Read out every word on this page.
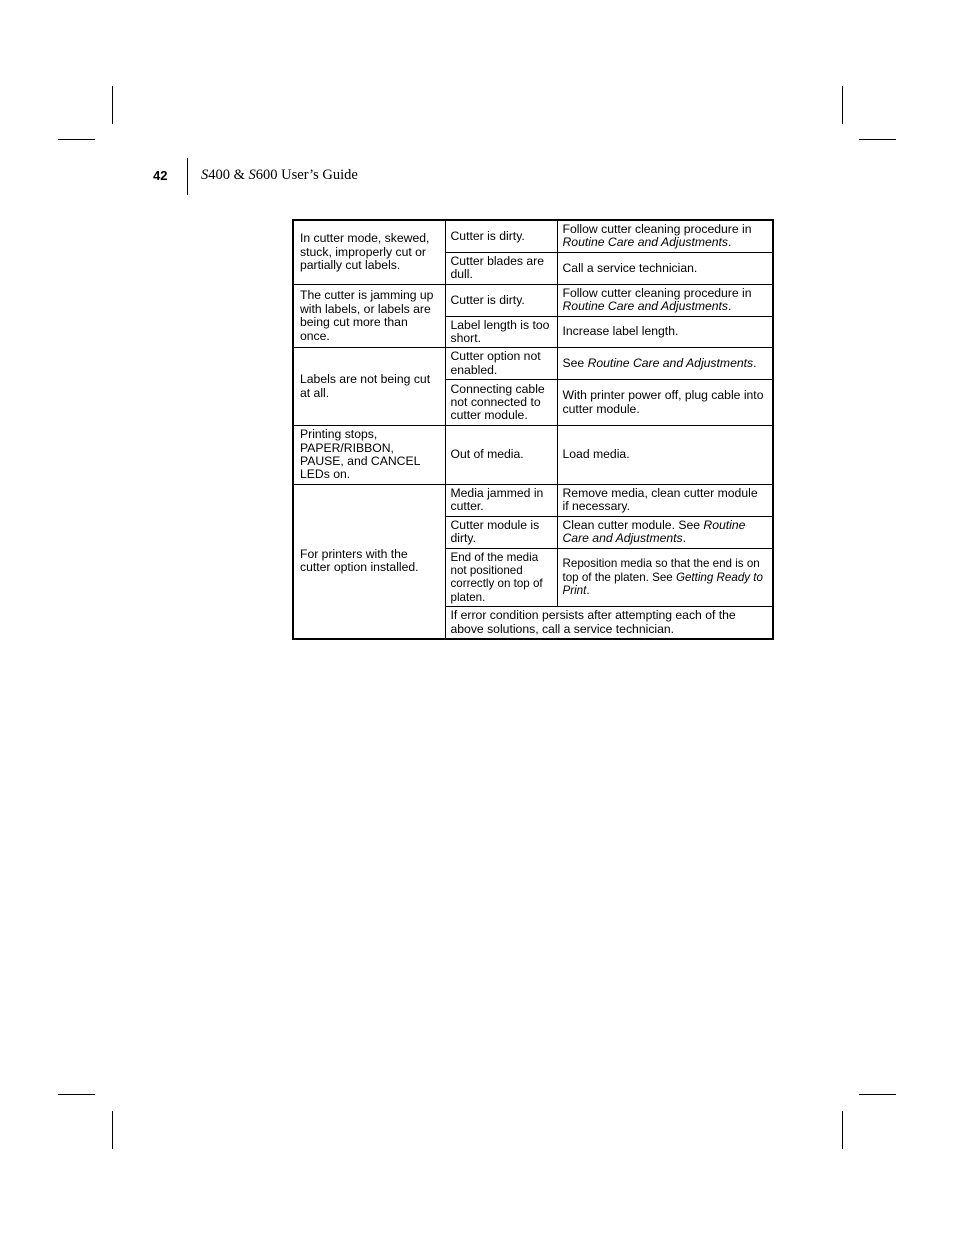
42 S400 & S600 User’s Guide
In cutter mode, skewed, stuck, improperly cut or partially cut labels.	Cutter is dirty.	Follow cutter cleaning procedure in Routine Care and Adjustments.
	Cutter blades are dull.	Call a service technician.
The cutter is jamming up with labels, or labels are being cut more than once.	Cutter is dirty.	Follow cutter cleaning procedure in Routine Care and Adjustments.
	Label length is too short.	Increase label length.
Labels are not being cut at all.	Cutter option not enabled.	See Routine Care and Adjustments.
	Connecting cable not connected to cutter module.	With printer power off, plug cable into cutter module.
Printing stops, PAPER/RIBBON, PAUSE, and CANCEL LEDs on.	Out of media.	Load media.
For printers with the cutter option installed.	Media jammed in cutter.	Remove media, clean cutter module if necessary.
	Cutter module is dirty.	Clean cutter module. See Routine Care and Adjustments.
	End of the media not positioned correctly on top of platen.	Reposition media so that the end is on top of the platen. See Getting Ready to Print.
	If error condition persists after attempting each of the above solutions, call a service technician.	
